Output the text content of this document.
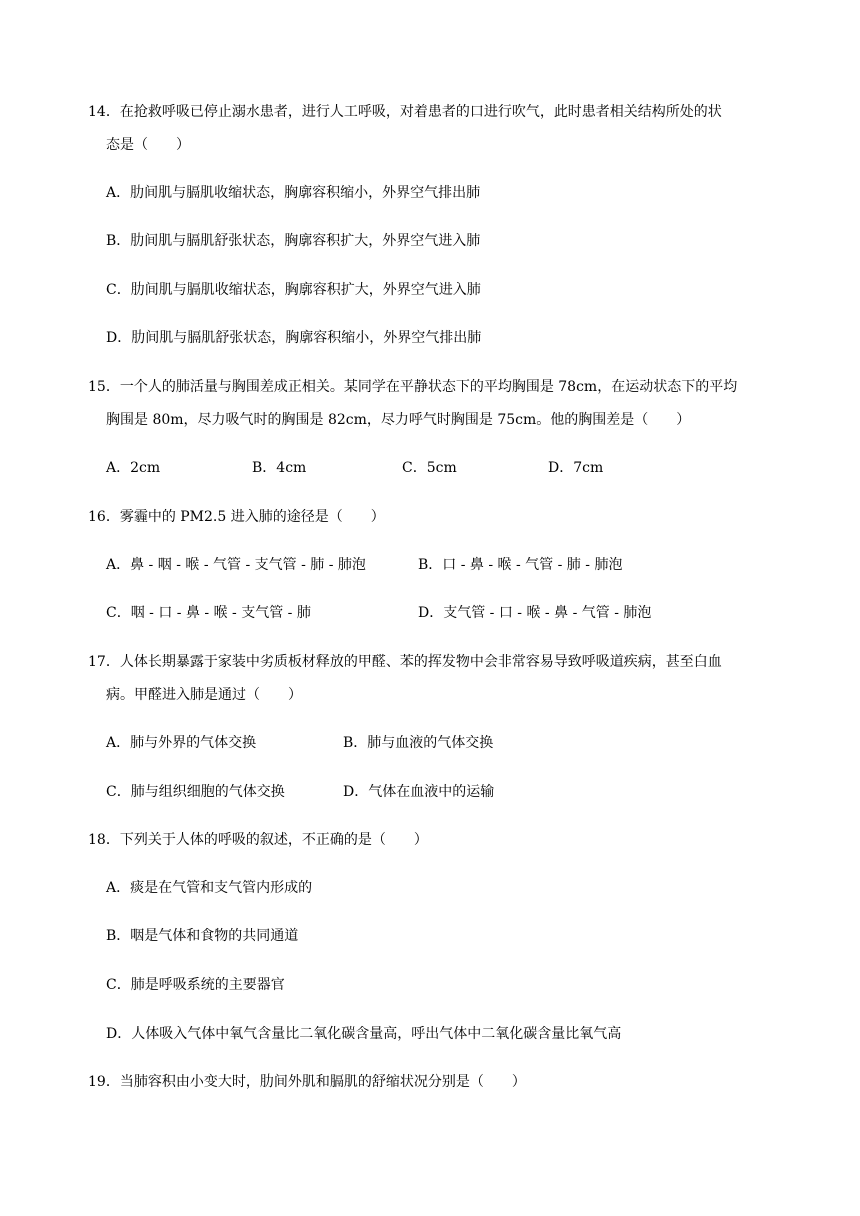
14．在抢救呼吸已停止溺水患者，进行人工呼吸，对着患者的口进行吹气，此时患者相关结构所处的状
态是（　　）
A．肋间肌与膈肌收缩状态，胸廓容积缩小，外界空气排出肺
B．肋间肌与膈肌舒张状态，胸廓容积扩大，外界空气进入肺
C．肋间肌与膈肌收缩状态，胸廓容积扩大，外界空气进入肺
D．肋间肌与膈肌舒张状态，胸廓容积缩小，外界空气排出肺
15．一个人的肺活量与胸围差成正相关。某同学在平静状态下的平均胸围是 78cm，在运动状态下的平均
胸围是 80m，尽力吸气时的胸围是 82cm，尽力呼气时胸围是 75cm。他的胸围差是（　　）
A．2cm	B．4cm	C．5cm	D．7cm
16．雾霾中的 PM2.5 进入肺的途径是（　　）
A．鼻 - 咽 - 喉 - 气管 - 支气管 - 肺 - 肺泡	B．口 - 鼻 - 喉 - 气管 - 肺 - 肺泡
C．咽 - 口 - 鼻 - 喉 - 支气管 - 肺	D．支气管 - 口 - 喉 - 鼻 - 气管 - 肺泡
17．人体长期暴露于家装中劣质板材释放的甲醛、苯的挥发物中会非常容易导致呼吸道疾病，甚至白血
病。甲醛进入肺是通过（　　）
A．肺与外界的气体交换	B．肺与血液的气体交换
C．肺与组织细胞的气体交换	D．气体在血液中的运输
18．下列关于人体的呼吸的叙述，不正确的是（　　）
A．痰是在气管和支气管内形成的
B．咽是气体和食物的共同通道
C．肺是呼吸系统的主要器官
D．人体吸入气体中氧气含量比二氧化碳含量高，呼出气体中二氧化碳含量比氧气高
19．当肺容积由小变大时，肋间外肌和膈肌的舒缩状况分别是（　　）
